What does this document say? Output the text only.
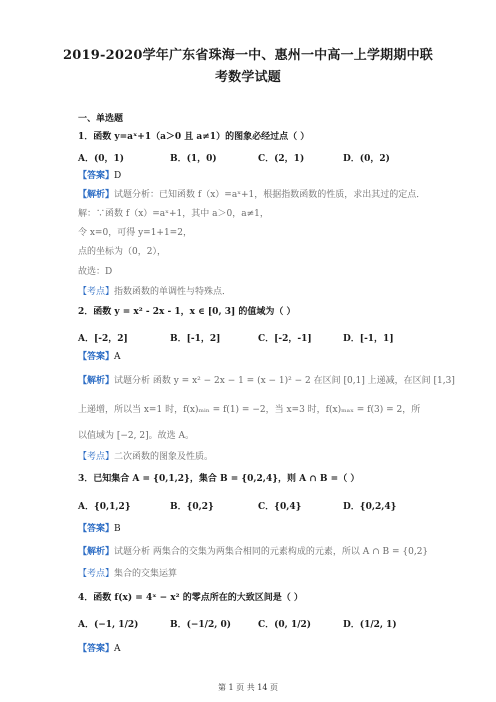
2019-2020学年广东省珠海一中、惠州一中高一上学期期中联
考数学试题
一、单选题
1．函数 y=aˣ+1（a＞0 且 a≠1）的图象必经过点（ ）
A．(0，1)	B．(1，0)	C．(2，1)	D．(0，2)
【答案】D
【解析】试题分析：已知函数 f（x）=aˣ+1，根据指数函数的性质，求出其过的定点．
解：∵函数 f（x）=aˣ+1，其中 a＞0，a≠1，
令 x=0，可得 y=1+1=2，
点的坐标为（0，2），
故选：D
【考点】指数函数的单调性与特殊点．
2．函数 y = x² - 2x - 1，x ∈ [0, 3] 的值域为（ ）
A．[-2，2]	B．[-1，2]	C．[-2，-1]	D．[-1，1]
【答案】A
【解析】试题分析 函数 y = x² − 2x − 1 = (x − 1)² − 2 在区间 [0,1] 上递减，在区间 [1,3]
上递增，所以当 x=1 时，f(x)ₘᵢₙ = f(1) = −2，当 x=3 时，f(x)ₘₐₓ = f(3) = 2，所
以值域为 [−2, 2]。故选 A。
【考点】二次函数的图象及性质。
3．已知集合 A = {0,1,2}，集合 B = {0,2,4}，则 A ∩ B =（ ）
A．{0,1,2}	B．{0,2}	C．{0,4}	D．{0,2,4}
【答案】B
【解析】试题分析 两集合的交集为两集合相同的元素构成的元素，所以 A ∩ B = {0,2}
【考点】集合的交集运算
4．函数 f(x) = 4ˣ − x² 的零点所在的大致区间是（ ）
A．(−1, 1/2)	B．(−1/2, 0)	C．(0, 1/2)	D．(1/2, 1)
【答案】A
第 1 页 共 14 页
